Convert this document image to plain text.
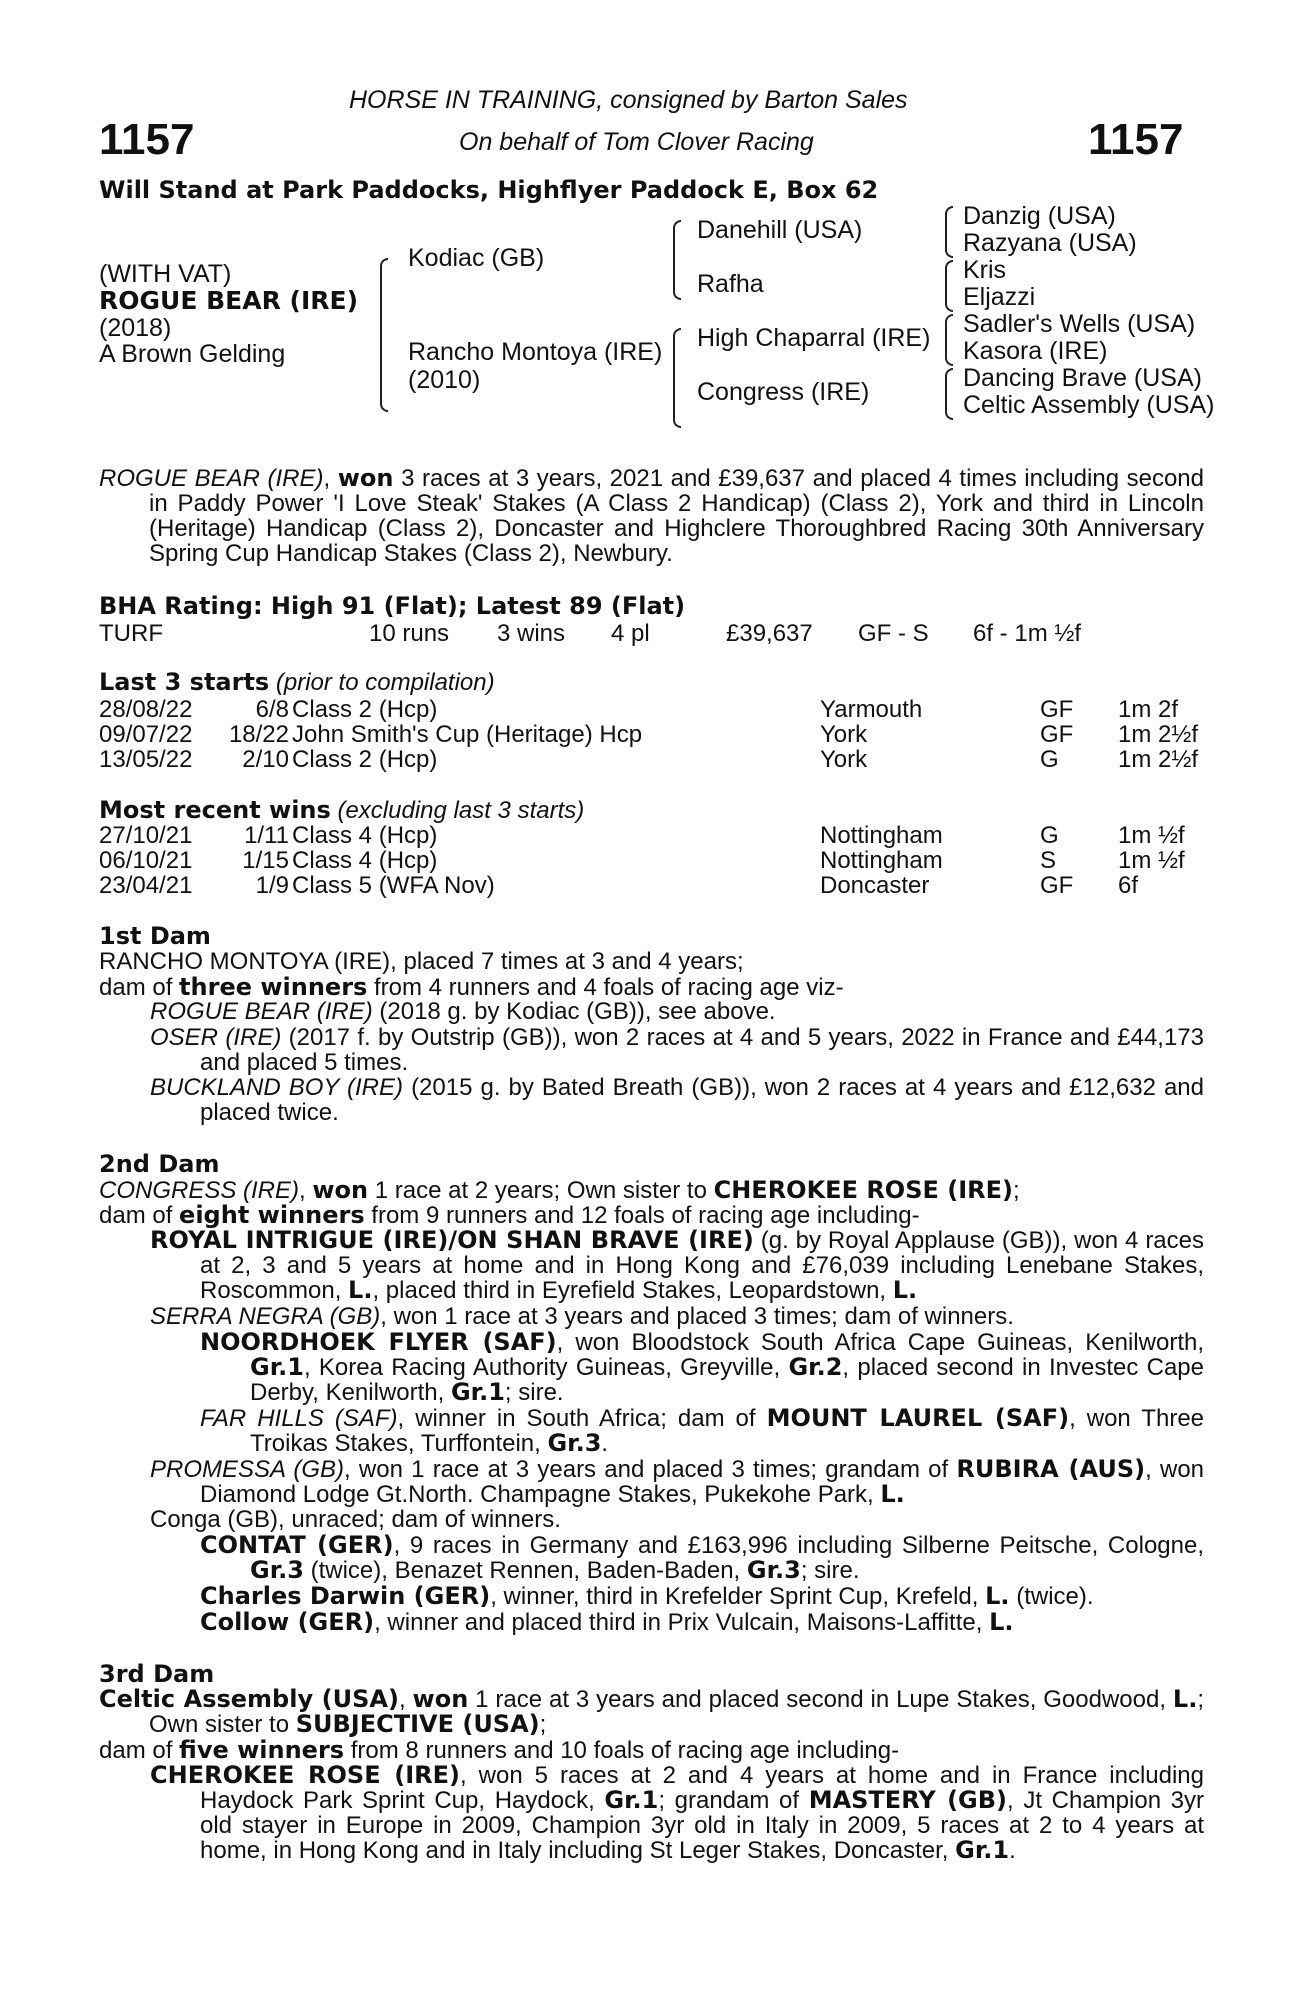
1157	1157
HORSE IN TRAINING, consigned by Barton Sales
On behalf of Tom Clover Racing
Will Stand at Park Paddocks, Highflyer Paddock E, Box 62
(WITH VAT)
ROGUE BEAR (IRE)
(2018)
A Brown Gelding
Kodiac (GB)
Rancho Montoya (IRE)
(2010)
Danehill (USA)
Rafha
High Chaparral (IRE)
Congress (IRE)
Danzig (USA)
Razyana (USA)
Kris
Eljazzi
Sadler's Wells (USA)
Kasora (IRE)
Dancing Brave (USA)
Celtic Assembly (USA)
ROGUE BEAR (IRE), won 3 races at 3 years, 2021 and £39,637 and placed 4 times including second in Paddy Power 'I Love Steak' Stakes (A Class 2 Handicap) (Class 2), York and third in Lincoln (Heritage) Handicap (Class 2), Doncaster and Highclere Thoroughbred Racing 30th Anniversary Spring Cup Handicap Stakes (Class 2), Newbury.
BHA Rating: High 91 (Flat); Latest 89 (Flat)
TURF	10 runs 3 wins 4 pl	£39,637 GF - S 6f - 1m ½f
Last 3 starts (prior to compilation)
28/08/22	6/8 Class 2 (Hcp)	Yarmouth	GF 1m 2f
09/07/22	18/22 John Smith's Cup (Heritage) Hcp	York	GF 1m 2½f
13/05/22	2/10 Class 2 (Hcp)	York	G 1m 2½f
Most recent wins (excluding last 3 starts)
27/10/21	1/11 Class 4 (Hcp)	Nottingham	G 1m ½f
06/10/21	1/15 Class 4 (Hcp)	Nottingham	S	1m ½f
23/04/21	1/9 Class 5 (WFA Nov)	Doncaster	GF 6f
1st Dam
RANCHO MONTOYA (IRE), placed 7 times at 3 and 4 years;
dam of three winners from 4 runners and 4 foals of racing age viz-
ROGUE BEAR (IRE) (2018 g. by Kodiac (GB)), see above.
OSER (IRE) (2017 f. by Outstrip (GB)), won 2 races at 4 and 5 years, 2022 in France and £44,173 and placed 5 times.
BUCKLAND BOY (IRE) (2015 g. by Bated Breath (GB)), won 2 races at 4 years and £12,632 and placed twice.
2nd Dam
CONGRESS (IRE), won 1 race at 2 years; Own sister to CHEROKEE ROSE (IRE);
dam of eight winners from 9 runners and 12 foals of racing age including-
ROYAL INTRIGUE (IRE)/ON SHAN BRAVE (IRE) (g. by Royal Applause (GB)), won 4 races at 2, 3 and 5 years at home and in Hong Kong and £76,039 including Lenebane Stakes, Roscommon, L., placed third in Eyrefield Stakes, Leopardstown, L.
SERRA NEGRA (GB), won 1 race at 3 years and placed 3 times; dam of winners.
NOORDHOEK FLYER (SAF), won Bloodstock South Africa Cape Guineas, Kenilworth, Gr.1, Korea Racing Authority Guineas, Greyville, Gr.2, placed second in Investec Cape Derby, Kenilworth, Gr.1; sire.
FAR HILLS (SAF), winner in South Africa; dam of MOUNT LAUREL (SAF), won Three Troikas Stakes, Turffontein, Gr.3.
PROMESSA (GB), won 1 race at 3 years and placed 3 times; grandam of RUBIRA (AUS), won Diamond Lodge Gt.North. Champagne Stakes, Pukekohe Park, L.
Conga (GB), unraced; dam of winners.
CONTAT (GER), 9 races in Germany and £163,996 including Silberne Peitsche, Cologne, Gr.3 (twice), Benazet Rennen, Baden-Baden, Gr.3; sire.
Charles Darwin (GER), winner, third in Krefelder Sprint Cup, Krefeld, L. (twice).
Collow (GER), winner and placed third in Prix Vulcain, Maisons-Laffitte, L.
3rd Dam
Celtic Assembly (USA), won 1 race at 3 years and placed second in Lupe Stakes, Goodwood, L.; Own sister to SUBJECTIVE (USA);
dam of five winners from 8 runners and 10 foals of racing age including-
CHEROKEE ROSE (IRE), won 5 races at 2 and 4 years at home and in France including Haydock Park Sprint Cup, Haydock, Gr.1; grandam of MASTERY (GB), Jt Champion 3yr old stayer in Europe in 2009, Champion 3yr old in Italy in 2009, 5 races at 2 to 4 years at home, in Hong Kong and in Italy including St Leger Stakes, Doncaster, Gr.1.
